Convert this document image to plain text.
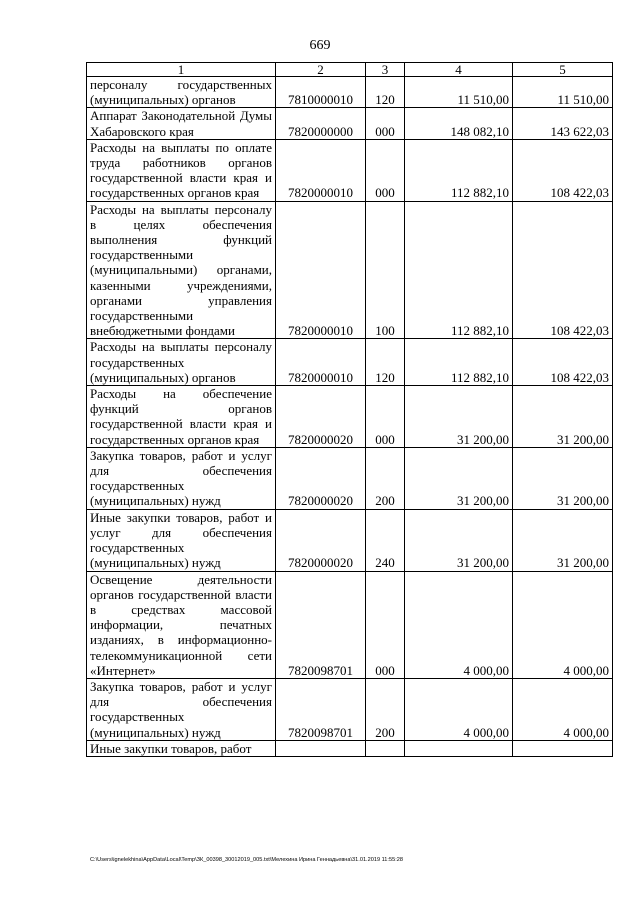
669
1	2	3	4	5
персоналу государственных (муниципальных) органов	7810000010	120	11 510,00	11 510,00
Аппарат Законодательной Думы Хабаровского края	7820000000	000	148 082,10	143 622,03
Расходы на выплаты по оплате труда работников органов государственной власти края и государственных органов края	7820000010	000	112 882,10	108 422,03
Расходы на выплаты персоналу в целях обеспечения выполнения функций государственными (муниципальными) органами, казенными учреждениями, органами управления государственными внебюджетными фондами	7820000010	100	112 882,10	108 422,03
Расходы на выплаты персоналу государственных (муниципальных) органов	7820000010	120	112 882,10	108 422,03
Расходы на обеспечение функций органов государственной власти края и государственных органов края	7820000020	000	31 200,00	31 200,00
Закупка товаров, работ и услуг для обеспечения государственных (муниципальных) нужд	7820000020	200	31 200,00	31 200,00
Иные закупки товаров, работ и услуг для обеспечения государственных (муниципальных) нужд	7820000020	240	31 200,00	31 200,00
Освещение деятельности органов государственной власти в средствах массовой информации, печатных изданиях, в информационно-телекоммуникационной сети «Интернет»	7820098701	000	4 000,00	4 000,00
Закупка товаров, работ и услуг для обеспечения государственных (муниципальных) нужд	7820098701	200	4 000,00	4 000,00
Иные закупки товаров, работ				
C:\Users\ignelekhina\AppData\Local\Temp\ЗК_00398_30012019_005.txt\Мелехина Ирина Геннадьевна\31.01.2019 11:55:28
